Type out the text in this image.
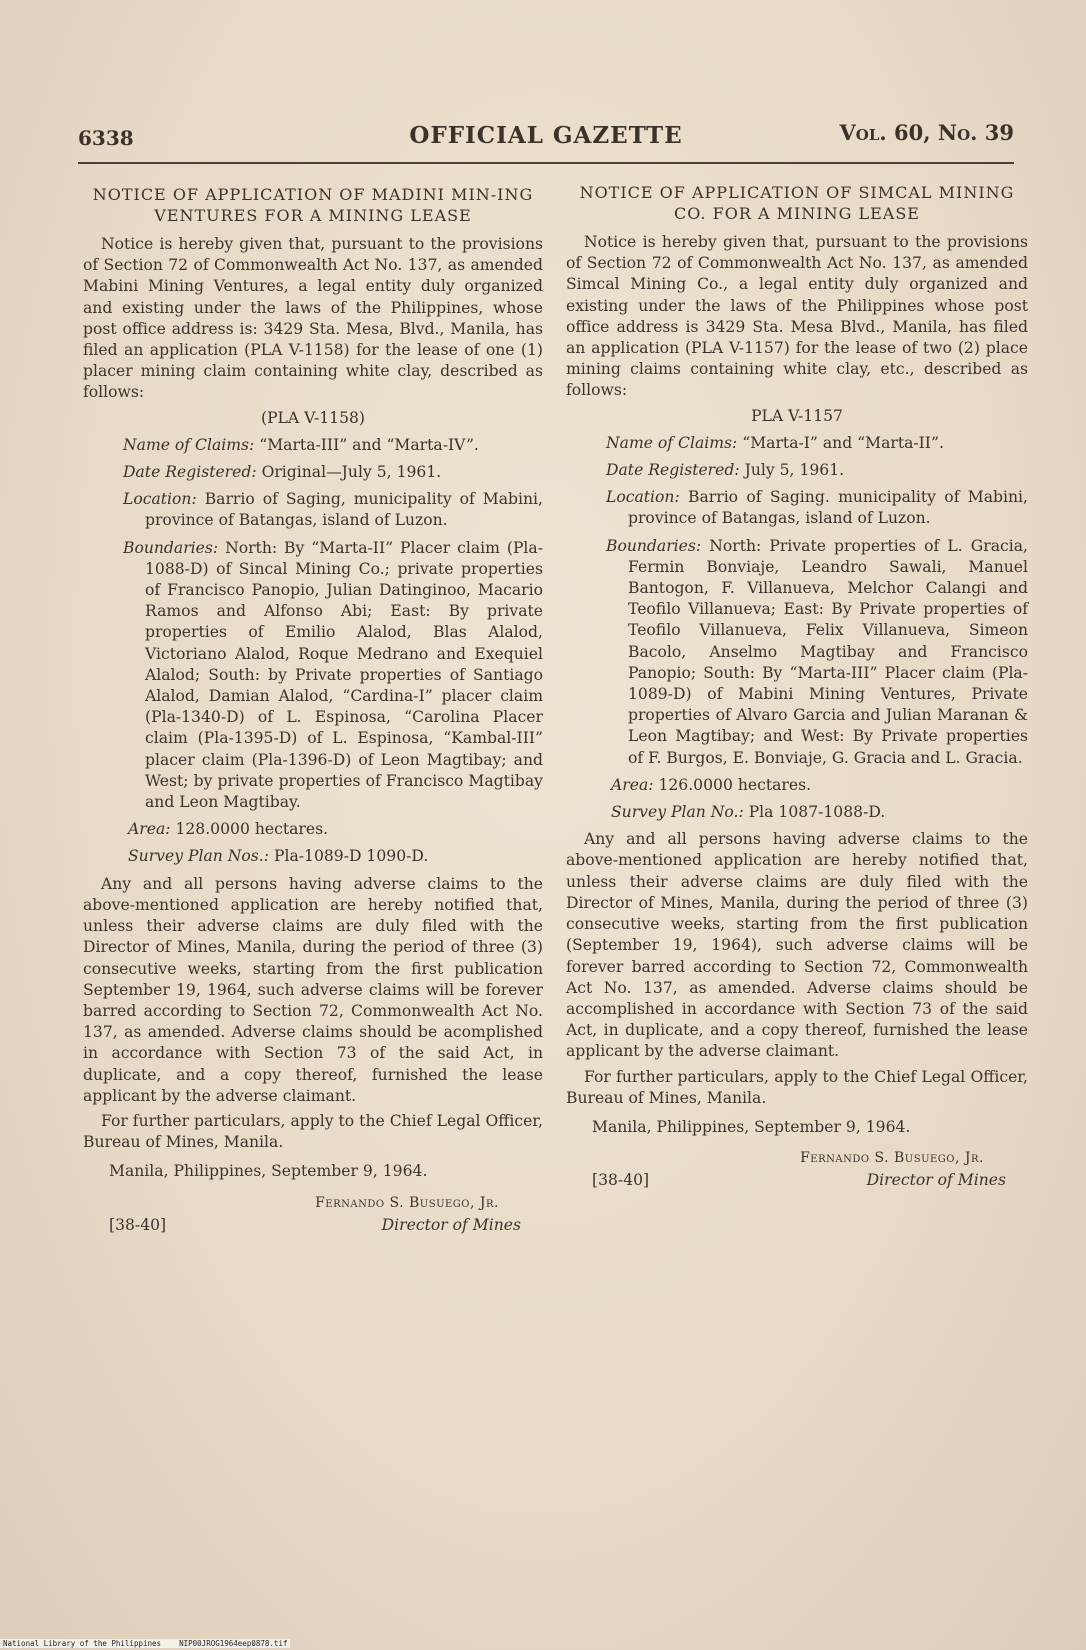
6338	OFFICIAL GAZETTE	Vol. 60, No. 39
NOTICE OF APPLICATION OF MADINI MIN-ING VENTURES FOR A MINING LEASE
Notice is hereby given that, pursuant to the provisions of Section 72 of Commonwealth Act No. 137, as amended Mabini Mining Ventures, a legal entity duly organized and existing under the laws of the Philippines, whose post office address is: 3429 Sta. Mesa, Blvd., Manila, has filed an application (PLA V-1158) for the lease of one (1) placer mining claim containing white clay, described as follows:
(PLA V-1158)
Name of Claims: “Marta-III” and “Marta-IV”.
Date Registered: Original—July 5, 1961.
Location: Barrio of Saging, municipality of Mabini, province of Batangas, island of Luzon.
Boundaries: North: By “Marta-II” Placer claim (Pla-1088-D) of Sincal Mining Co.; private properties of Francisco Panopio, Julian Datinginoo, Macario Ramos and Alfonso Abi; East: By private properties of Emilio Alalod, Blas Alalod, Victoriano Alalod, Roque Medrano and Exequiel Alalod; South: by Private properties of Santiago Alalod, Damian Alalod, “Cardina-I” placer claim (Pla-1340-D) of L. Espinosa, “Carolina Placer claim (Pla-1395-D) of L. Espinosa, “Kambal-III” placer claim (Pla-1396-D) of Leon Magtibay; and West; by private properties of Francisco Magtibay and Leon Magtibay.
Area: 128.0000 hectares.
Survey Plan Nos.: Pla-1089-D 1090-D.
Any and all persons having adverse claims to the above-mentioned application are hereby notified that, unless their adverse claims are duly filed with the Director of Mines, Manila, during the period of three (3) consecutive weeks, starting from the first publication September 19, 1964, such adverse claims will be forever barred according to Section 72, Commonwealth Act No. 137, as amended. Adverse claims should be acomplished in accordance with Section 73 of the said Act, in duplicate, and a copy thereof, furnished the lease applicant by the adverse claimant.
For further particulars, apply to the Chief Legal Officer, Bureau of Mines, Manila.
Manila, Philippines, September 9, 1964.
Fernando S. Busuego, Jr.
[38-40]	Director of Mines
NOTICE OF APPLICATION OF SIMCAL MINING CO. FOR A MINING LEASE
Notice is hereby given that, pursuant to the provisions of Section 72 of Commonwealth Act No. 137, as amended Simcal Mining Co., a legal entity duly organized and existing under the laws of the Philippines whose post office address is 3429 Sta. Mesa Blvd., Manila, has filed an application (PLA V-1157) for the lease of two (2) place mining claims containing white clay, etc., described as follows:
PLA V-1157
Name of Claims: “Marta-I” and “Marta-II”.
Date Registered: July 5, 1961.
Location: Barrio of Saging. municipality of Mabini, province of Batangas, island of Luzon.
Boundaries: North: Private properties of L. Gracia, Fermin Bonviaje, Leandro Sawali, Manuel Bantogon, F. Villanueva, Melchor Calangi and Teofilo Villanueva; East: By Private properties of Teofilo Villanueva, Felix Villanueva, Simeon Bacolo, Anselmo Magtibay and Francisco Panopio; South: By “Marta-III” Placer claim (Pla-1089-D) of Mabini Mining Ventures, Private properties of Alvaro Garcia and Julian Maranan & Leon Magtibay; and West: By Private properties of F. Burgos, E. Bonviaje, G. Gracia and L. Gracia.
Area: 126.0000 hectares.
Survey Plan No.: Pla 1087-1088-D.
Any and all persons having adverse claims to the above-mentioned application are hereby notified that, unless their adverse claims are duly filed with the Director of Mines, Manila, during the period of three (3) consecutive weeks, starting from the first publication (September 19, 1964), such adverse claims will be forever barred according to Section 72, Commonwealth Act No. 137, as amended. Adverse claims should be accomplished in accordance with Section 73 of the said Act, in duplicate, and a copy thereof, furnished the lease applicant by the adverse claimant.
For further particulars, apply to the Chief Legal Officer, Bureau of Mines, Manila.
Manila, Philippines, September 9, 1964.
Fernando S. Busuego, Jr.
[38-40]	Director of Mines
National Library of the Philippines NIP00JROG1964eep0878.tif
